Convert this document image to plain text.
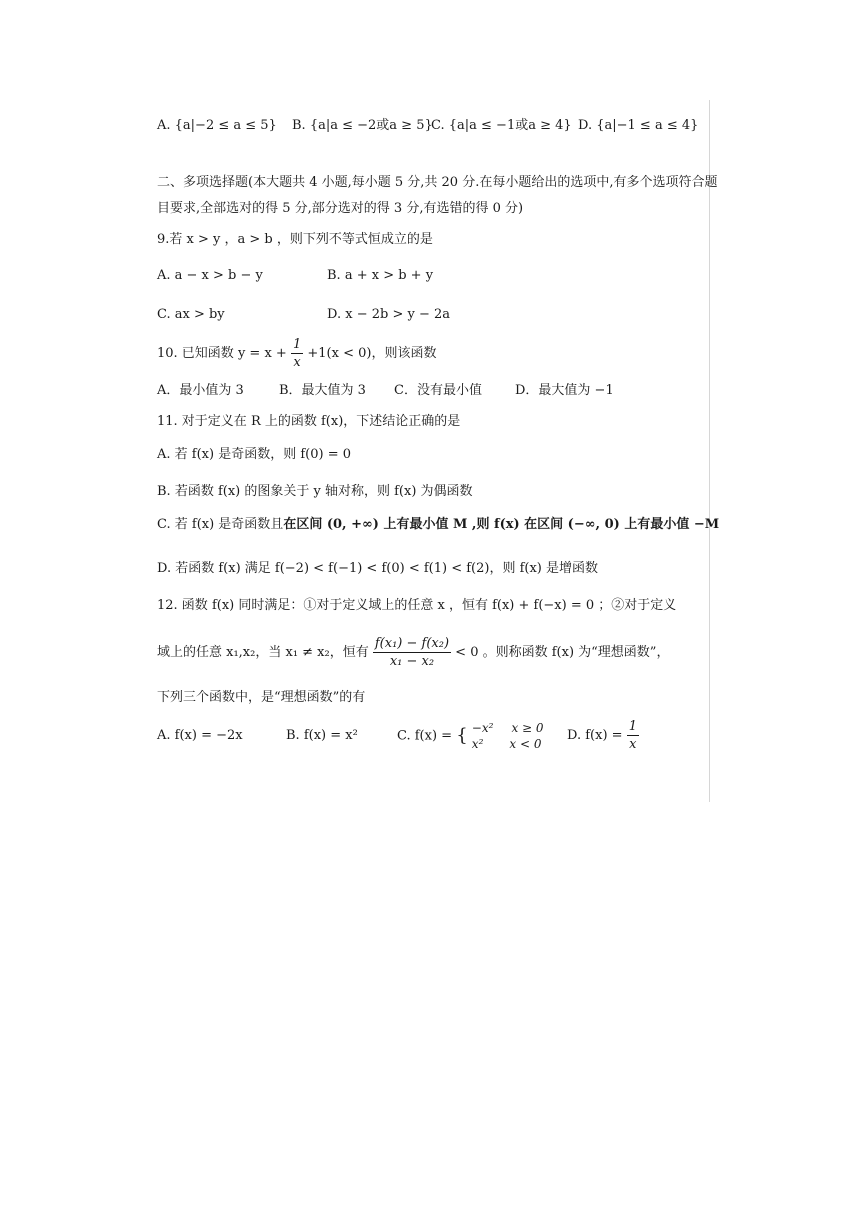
A. {a|−2 ≤ a ≤ 5} B. {a|a ≤ −2或a ≥ 5}
C. {a|a ≤ −1或a ≥ 4} D. {a|−1 ≤ a ≤ 4}
二、多项选择题(本大题共 4 小题,每小题 5 分,共 20 分.在每小题给出的选项中,有多个选项符合题
目要求,全部选对的得 5 分,部分选对的得 3 分,有选错的得 0 分)
9.若 x > y ，a > b ，则下列不等式恒成立的是
A. a − x > b − y	B. a + x > b + y
C. ax > by	D. x − 2b > y − 2a
10. 已知函数 $y = x + \frac{1}{x} +1(x < 0)$，则该函数
A．最小值为 3	B．最大值为 3 C．没有最小值	D．最大值为 −1
11. 对于定义在 R 上的函数 f(x)，下述结论正确的是
A. 若 f(x) 是奇函数，则 f(0) = 0
B. 若函数 f(x) 的图象关于 y 轴对称，则 f(x) 为偶函数
C. 若 f(x) 是奇函数且在区间 (0, +∞) 上有最小值 M ,则 f(x) 在区间 (−∞, 0) 上有最小值 −M
D. 若函数 f(x) 满足 f(−2) < f(−1) < f(0) < f(1) < f(2)，则 f(x) 是增函数
12. 函数 f(x) 同时满足：①对于定义域上的任意 x ，恒有 f(x) + f(−x) = 0 ；②对于定义
域上的任意 x₁,x₂，当 x₁ ≠ x₂，恒有 $\frac{\text{f(x₁) − f(x₂)}}{\text{x₁ − x₂}} < 0$ 。则称函数 f(x) 为“理想函数”，
下列三个函数中，是“理想函数”的有
A. f(x) = −2x	B. f(x) = x²	C. f(x) = { −x² x ≥ 0
x² x < 0
D. $f(x) = \frac{1}{x}$
